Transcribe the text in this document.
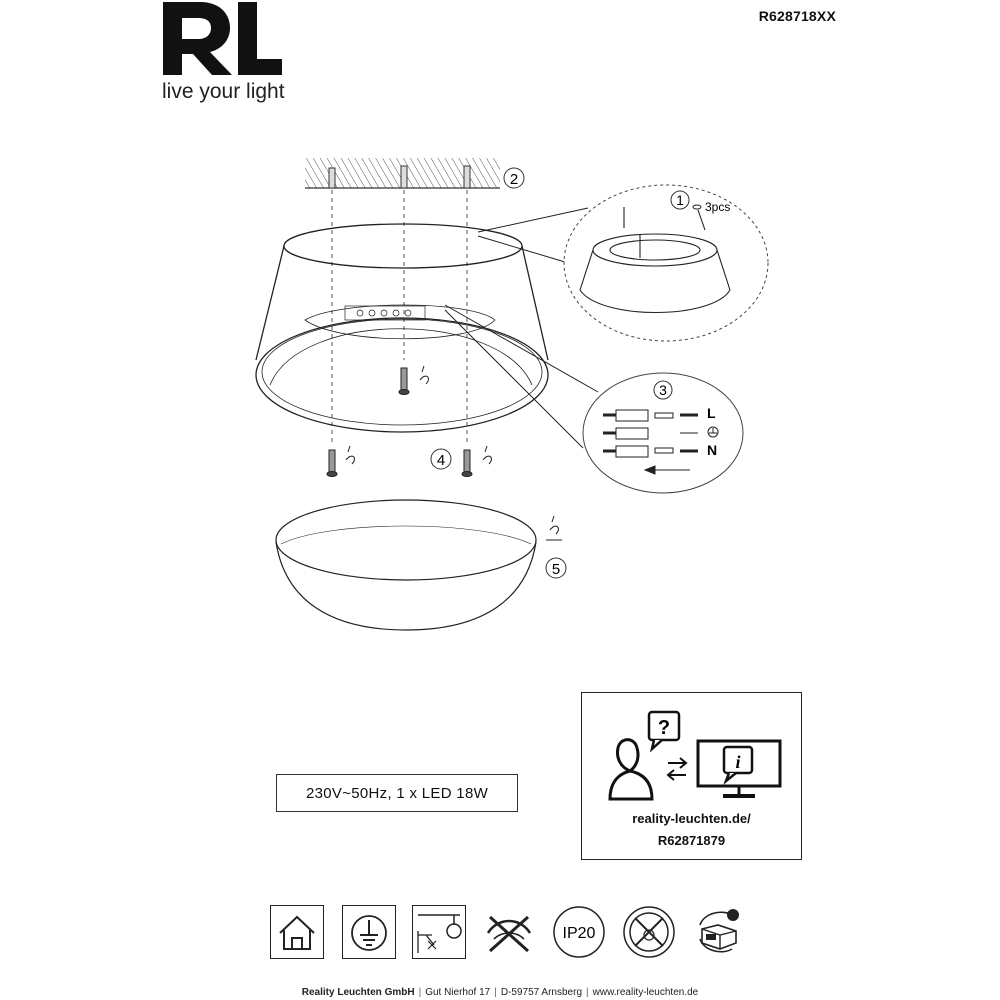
live your light
R628718XX
2
1 3pcs
3
L
N
4
5
230V~50Hz, 1 x LED 18W
?
i
reality-leuchten.de/
R62871879
IP20
Reality Leuchten GmbH | Gut Nierhof 17 | D-59757 Arnsberg | www.reality-leuchten.de
